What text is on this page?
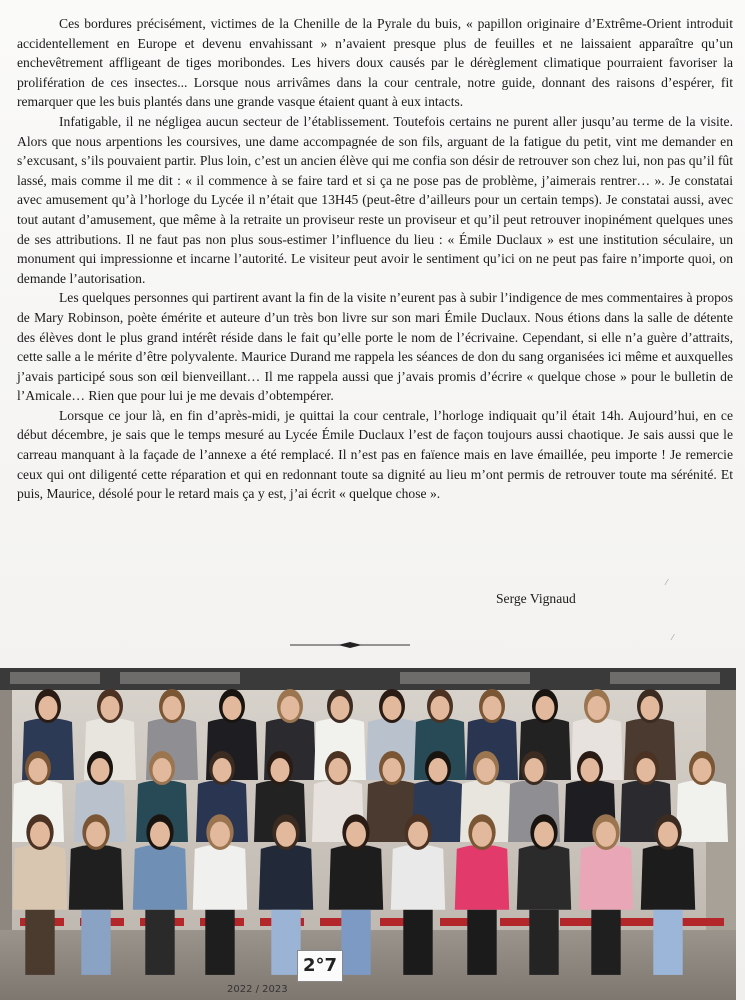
Ces bordures précisément, victimes de la Chenille de la Pyrale du buis, « papillon originaire d’Extrême-Orient introduit accidentellement en Europe et devenu envahissant » n’avaient presque plus de feuilles et ne laissaient apparaître qu’un enchevêtrement affligeant de tiges moribondes. Les hivers doux causés par le dérèglement climatique pourraient favoriser la prolifération de ces insectes... Lorsque nous arrivâmes dans la cour centrale, notre guide, donnant des raisons d’espérer, fit remarquer que les buis plantés dans une grande vasque étaient quant à eux intacts.

Infatigable, il ne négligea aucun secteur de l’établissement. Toutefois certains ne purent aller jusqu’au terme de la visite. Alors que nous arpentions les coursives, une dame accompagnée de son fils, arguant de la fatigue du petit, vint me demander en s’excusant, s’ils pouvaient partir. Plus loin, c’est un ancien élève qui me confia son désir de retrouver son chez lui, non pas qu’il fût lassé, mais comme il me dit : « il commence à se faire tard et si ça ne pose pas de problème, j’aimerais rentrer… ». Je constatai avec amusement qu’à l’horloge du Lycée il n’était que 13H45 (peut-être d’ailleurs pour un certain temps). Je constatai aussi, avec tout autant d’amusement, que même à la retraite un proviseur reste un proviseur et qu’il peut retrouver inopinément quelques unes de ses attributions. Il ne faut pas non plus sous-estimer l’influence du lieu : « Émile Duclaux » est une institution séculaire, un monument qui impressionne et incarne l’autorité. Le visiteur peut avoir le sentiment qu’ici on ne peut pas faire n’importe quoi, on demande l’autorisation.

Les quelques personnes qui partirent avant la fin de la visite n’eurent pas à subir l’indigence de mes commentaires à propos de Mary Robinson, poète émérite et auteure d’un très bon livre sur son mari Émile Duclaux. Nous étions dans la salle de détente des élèves dont le plus grand intérêt réside dans le fait qu’elle porte le nom de l’écrivaine. Cependant, si elle n’a guère d’attraits, cette salle a le mérite d’être polyvalente. Maurice Durand me rappela les séances de don du sang organisées ici même et auxquelles j’avais participé sous son œil bienveillant… Il me rappela aussi que j’avais promis d’écrire « quelque chose » pour le bulletin de l’Amicale… Rien que pour lui je me devais d’obtempérer.

Lorsque ce jour là, en fin d’après-midi, je quittai la cour centrale, l’horloge indiquait qu’il était 14h. Aujourd’hui, en ce début décembre, je sais que le temps mesuré au Lycée Émile Duclaux l’est de façon toujours aussi chaotique. Je sais aussi que le carreau manquant à la façade de l’annexe a été remplacé. Il n’est pas en faïence mais en lave émaillée, peu importe ! Je remercie ceux qui ont diligenté cette réparation et qui en redonnant toute sa dignité au lieu m’ont permis de retrouver toute ma sérénité. Et puis, Maurice, désolé pour le retard mais ça y est, j’ai écrit « quelque chose ».

Serge Vignaud
⁄
⁄
2°7
2022 / 2023
